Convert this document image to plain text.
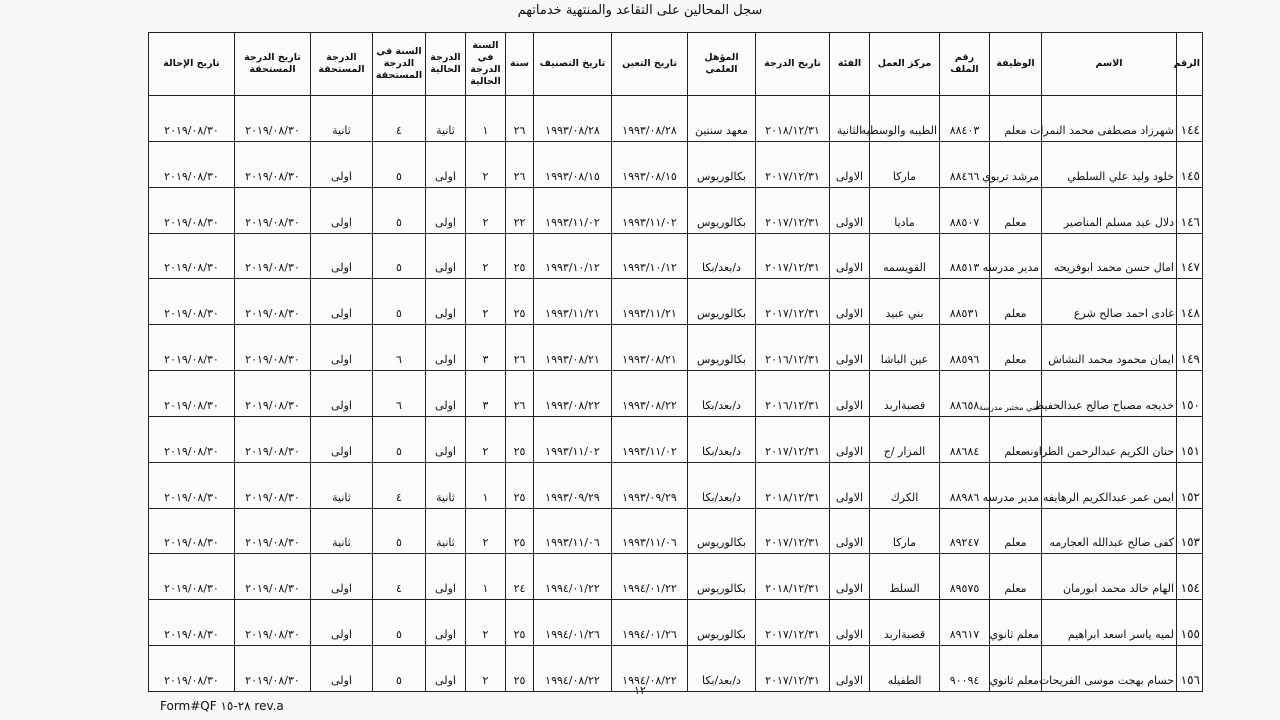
سجل المحالين على التقاعد والمنتهية خدماتهم
الرقم	الاسم	الوظيفة	رقم الملف	مركز العمل	الفئة	تاريخ الدرجة	المؤهل العلمي	تاريخ التعين	تاريخ التصنيف	سنة	السنة في الدرجة الحالية	الدرجة الحالية	السنة في الدرجة المستحقة	الدرجة المستحقة	تاريخ الدرجة المستحقة	تاريخ الإحالة
١٤٤	شهرزاد مصطفى محمد النمرات	معلم	٨٨٤٠٣	الطيبه والوسطيه	الثانية	٢٠١٨/١٢/٣١	معهد سنتين	١٩٩٣/٠٨/٢٨	١٩٩٣/٠٨/٢٨	٢٦	١	ثانية	٤	ثانية	٢٠١٩/٠٨/٣٠	٢٠١٩/٠٨/٣٠
١٤٥	خلود وليد علي السلطي	مرشد تربوي	٨٨٤٦٦	ماركا	الاولى	٢٠١٧/١٢/٣١	بكالوريوس	١٩٩٣/٠٨/١٥	١٩٩٣/٠٨/١٥	٢٦	٢	اولى	٥	اولى	٢٠١٩/٠٨/٣٠	٢٠١٩/٠٨/٣٠
١٤٦	دلال عيد مسلم المناصير	معلم	٨٨٥٠٧	ماديا	الاولى	٢٠١٧/١٢/٣١	بكالوريوس	١٩٩٣/١١/٠٢	١٩٩٣/١١/٠٢	٢٢	٢	اولى	٥	اولى	٢٠١٩/٠٨/٣٠	٢٠١٩/٠٨/٣٠
١٤٧	امال حسن محمد ابوفريحه	مدير مدرسه	٨٨٥١٣	القويسمه	الاولى	٢٠١٧/١٢/٣١	د/بعد/بكا	١٩٩٣/١٠/١٢	١٩٩٣/١٠/١٢	٢٥	٢	اولى	٥	اولى	٢٠١٩/٠٨/٣٠	٢٠١٩/٠٨/٣٠
١٤٨	غادى احمد صالح شرع	معلم	٨٨٥٣١	بني عبيد	الاولى	٢٠١٧/١٢/٣١	بكالوريوس	١٩٩٣/١١/٢١	١٩٩٣/١١/٢١	٢٥	٢	اولى	٥	اولى	٢٠١٩/٠٨/٣٠	٢٠١٩/٠٨/٣٠
١٤٩	ايمان محمود محمد النشاش	معلم	٨٨٥٩٦	عين الباشا	الاولى	٢٠١٦/١٢/٣١	بكالوريوس	١٩٩٣/٠٨/٢١	١٩٩٣/٠٨/٢١	٢٦	٣	اولى	٦	اولى	٢٠١٩/٠٨/٣٠	٢٠١٩/٠٨/٣٠
١٥٠	خديجه مصباح صالح عبدالحفيظ	فني مختبر مدرسة	٨٨٦٥٨	قصبةاربد	الاولى	٢٠١٦/١٢/٣١	د/بعد/بكا	١٩٩٣/٠٨/٢٢	١٩٩٣/٠٨/٢٢	٢٦	٣	اولى	٦	اولى	٢٠١٩/٠٨/٣٠	٢٠١٩/٠٨/٣٠
١٥١	حنان الكريم عبدالرحمن الطراونه	معلم	٨٨٦٨٤	المزار /ج	الاولى	٢٠١٧/١٢/٣١	د/بعد/بكا	١٩٩٣/١١/٠٢	١٩٩٣/١١/٠٢	٢٥	٢	اولى	٥	اولى	٢٠١٩/٠٨/٣٠	٢٠١٩/٠٨/٣٠
١٥٢	ايمن عمر عبدالكريم الرهايفه	مدير مدرسه	٨٨٩٨٦	الكرك	الاولى	٢٠١٨/١٢/٣١	د/بعد/بكا	١٩٩٣/٠٩/٢٩	١٩٩٣/٠٩/٢٩	٢٥	١	ثانية	٤	ثانية	٢٠١٩/٠٨/٣٠	٢٠١٩/٠٨/٣٠
١٥٣	كفى صالح عبدالله العجارمه	معلم	٨٩٢٤٧	ماركا	الاولى	٢٠١٧/١٢/٣١	بكالوريوس	١٩٩٣/١١/٠٦	١٩٩٣/١١/٠٦	٢٥	٢	ثانية	٥	ثانية	٢٠١٩/٠٨/٣٠	٢٠١٩/٠٨/٣٠
١٥٤	الهام خالد محمد ابورمان	معلم	٨٩٥٧٥	السلط	الاولى	٢٠١٨/١٢/٣١	بكالوريوس	١٩٩٤/٠١/٢٢	١٩٩٤/٠١/٢٢	٢٤	١	اولى	٤	اولى	٢٠١٩/٠٨/٣٠	٢٠١٩/٠٨/٣٠
١٥٥	لميه ياسر اسعد ابراهيم	معلم ثانوي	٨٩٦١٧	قصبةاربد	الاولى	٢٠١٧/١٢/٣١	بكالوريوس	١٩٩٤/٠١/٢٦	١٩٩٤/٠١/٢٦	٢٥	٢	اولى	٥	اولى	٢٠١٩/٠٨/٣٠	٢٠١٩/٠٨/٣٠
١٥٦	حسام بهجت موسى الفريحات	معلم ثانوي	٩٠٠٩٤	الطفيله	الاولى	٢٠١٧/١٢/٣١	د/بعد/بكا	١٩٩٤/٠٨/٢٢	١٩٩٤/٠٨/٢٢	٢٥	٢	اولى	٥	اولى	٢٠١٩/٠٨/٣٠	٢٠١٩/٠٨/٣٠
١٢
Form#QF ٢٨-١٥ rev.a
